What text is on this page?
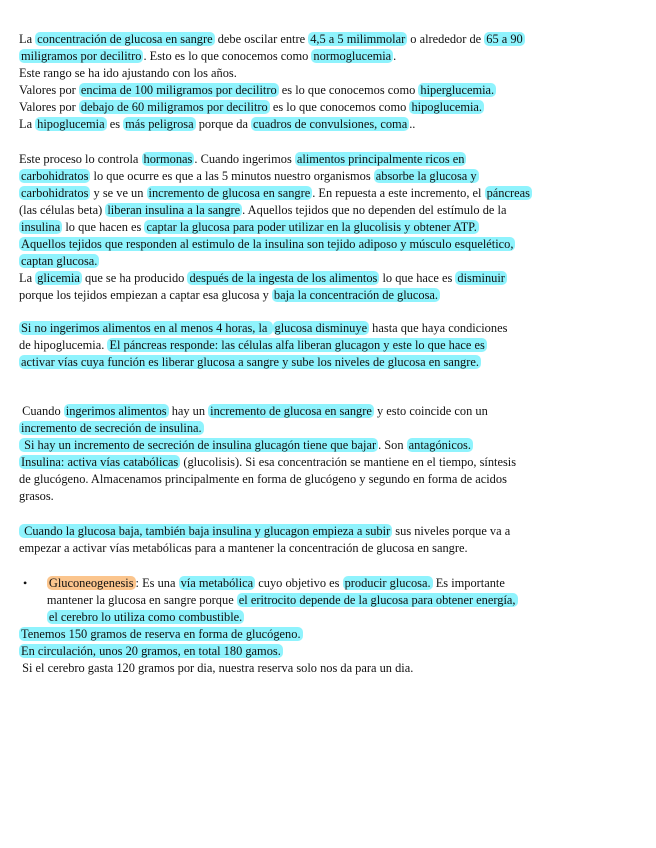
•
La concentración de glucosa en sangre debe oscilar entre 4,5 a 5 milimmolar o alrededor de 65 a 90
miligramos por decilitro . Esto es lo que conocemos como normoglucemia .
Este rango se ha ido ajustando con los años.
Valores por encima de 100 miligramos por decilitro es lo que conocemos como hiperglucemia.
Valores por debajo de 60 miligramos por decilitro es lo que conocemos como hipoglucemia.
La hipoglucemia es más peligrosa porque da cuadros de convulsiones, coma ..
Este proceso lo controla hormonas . Cuando ingerimos alimentos principalmente ricos en
carbohidratos lo que ocurre es que a las 5 minutos nuestro organismos absorbe la glucosa y
carbohidratos y se ve un incremento de glucosa en sangre . En repuesta a este incremento, el páncreas
(las células beta) liberan insulina a la sangre . Aquellos tejidos que no dependen del estímulo de la
insulina lo que hacen es captar la glucosa para poder utilizar en la glucolisis y obtener ATP.
Aquellos tejidos que responden al estimulo de la insulina son tejido adiposo y músculo esquelético,
captan glucosa.
La glicemia que se ha producido después de la ingesta de los alimentos lo que hace es disminuir
porque los tejidos empiezan a captar esa glucosa y baja la concentración de glucosa.
Si no ingerimos alimentos en al menos 4 horas, la glucosa disminuye hasta que haya condiciones
de hipoglucemia. El páncreas responde: las células alfa liberan glucagon y este lo que hace es
activar vías cuya función es liberar glucosa a sangre y sube los niveles de glucosa en sangre.
Cuando ingerimos alimentos hay un incremento de glucosa en sangre y esto coincide con un
incremento de secreción de insulina.
Si hay un incremento de secreción de insulina glucagón tiene que bajar . Son antagónicos.
Insulina: activa vías catabólicas (glucolisis). Si esa concentración se mantiene en el tiempo, síntesis
de glucógeno. Almacenamos principalmente en forma de glucógeno y segundo en forma de acidos
grasos.
Cuando la glucosa baja, también baja insulina y glucagon empieza a subir sus niveles porque va a
empezar a activar vías metabólicas para a mantener la concentración de glucosa en sangre.
Gluconeogenesis : Es una vía metabólica cuyo objetivo es producir glucosa. Es importante
mantener la glucosa en sangre porque el eritrocito depende de la glucosa para obtener energía,
el cerebro lo utiliza como combustible.
Tenemos 150 gramos de reserva en forma de glucógeno.
En circulación, unos 20 gramos, en total 180 gamos.
Si el cerebro gasta 120 gramos por dia, nuestra reserva solo nos da para un dia.
